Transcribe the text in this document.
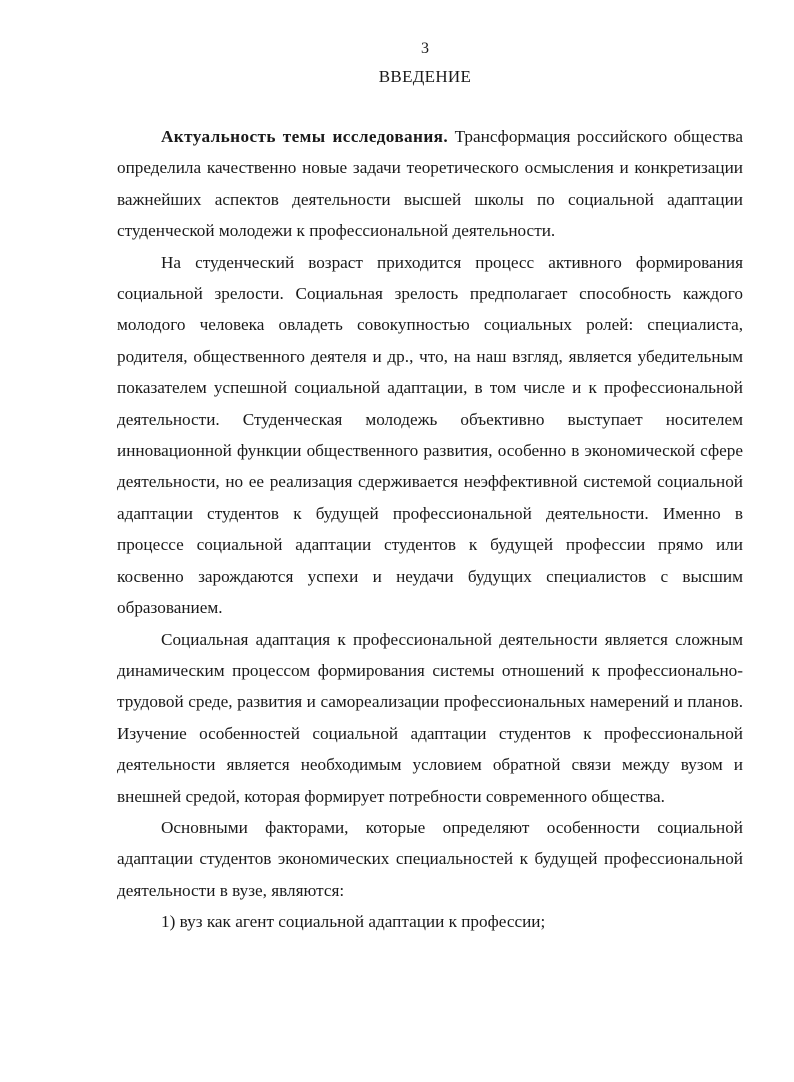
3
ВВЕДЕНИЕ

Актуальность темы исследования. Трансформация российского общества определила качественно новые задачи теоретического осмысления и конкретизации важнейших аспектов деятельности высшей школы по социальной адаптации студенческой молодежи к профессиональной деятельности.

На студенческий возраст приходится процесс активного формирования социальной зрелости. Социальная зрелость предполагает способность каждого молодого человека овладеть совокупностью социальных ролей: специалиста, родителя, общественного деятеля и др., что, на наш взгляд, является убедительным показателем успешной социальной адаптации, в том числе и к профессиональной деятельности. Студенческая молодежь объективно выступает носителем инновационной функции общественного развития, особенно в экономической сфере деятельности, но ее реализация сдерживается неэффективной системой социальной адаптации студентов к будущей профессиональной деятельности. Именно в процессе социальной адаптации студентов к будущей профессии прямо или косвенно зарождаются успехи и неудачи будущих специалистов с высшим образованием.

Социальная адаптация к профессиональной деятельности является сложным динамическим процессом формирования системы отношений к профессионально-трудовой среде, развития и самореализации профессиональных намерений и планов. Изучение особенностей социальной адаптации студентов к профессиональной деятельности является необходимым условием обратной связи между вузом и внешней средой, которая формирует потребности современного общества.

Основными факторами, которые определяют особенности социальной адаптации студентов экономических специальностей к будущей профессиональной деятельности в вузе, являются:

1) вуз как агент социальной адаптации к профессии;
